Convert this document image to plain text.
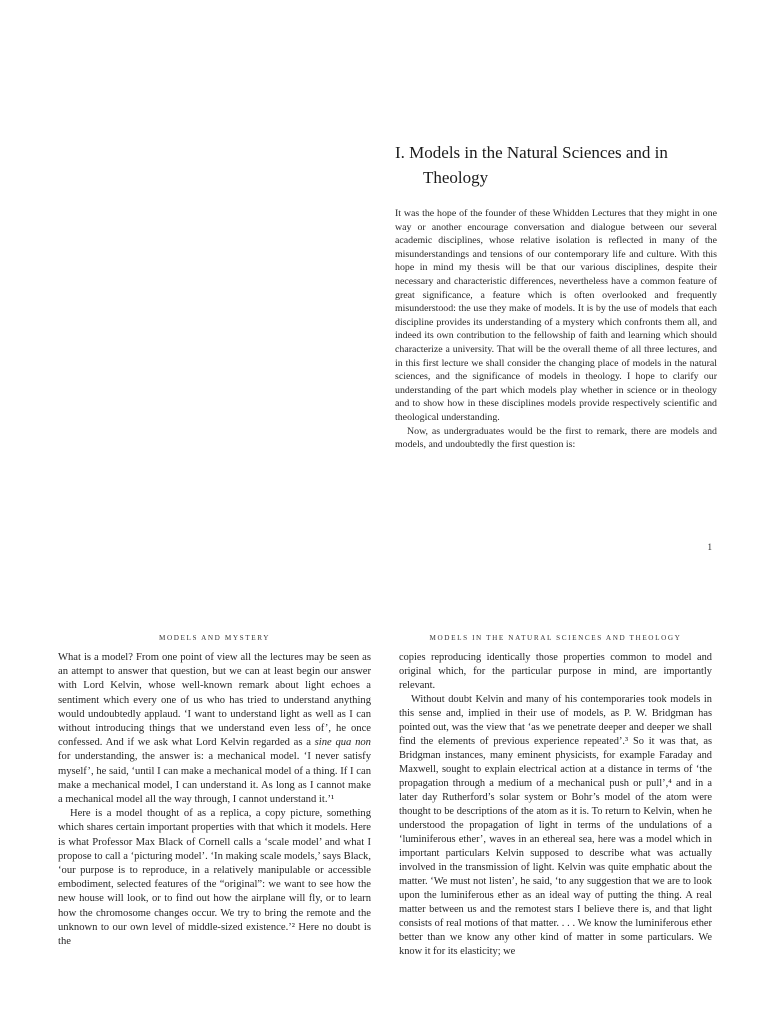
I. Models in the Natural Sciences and in Theology

It was the hope of the founder of these Whidden Lectures that they might in one way or another encourage conversation and dialogue between our several academic disciplines, whose relative isolation is reflected in many of the misunderstandings and tensions of our contemporary life and culture. With this hope in mind my thesis will be that our various disciplines, despite their necessary and characteristic differences, nevertheless have a common feature of great significance, a feature which is often overlooked and frequently misunderstood: the use they make of models. It is by the use of models that each discipline provides its understanding of a mystery which confronts them all, and indeed its own contribution to the fellowship of faith and learning which should characterize a university. That will be the overall theme of all three lectures, and in this first lecture we shall consider the changing place of models in the natural sciences, and the significance of models in theology. I hope to clarify our understanding of the part which models play whether in science or in theology and to show how in these disciplines models provide respectively scientific and theological understanding.

Now, as undergraduates would be the first to remark, there are models and models, and undoubtedly the first question is:

1
MODELS AND MYSTERY

What is a model? From one point of view all the lectures may be seen as an attempt to answer that question, but we can at least begin our answer with Lord Kelvin, whose well-known remark about light echoes a sentiment which every one of us who has tried to understand anything would undoubtedly applaud. ‘I want to understand light as well as I can without introducing things that we understand even less of’, he once confessed. And if we ask what Lord Kelvin regarded as a sine qua non for understanding, the answer is: a mechanical model. ‘I never satisfy myself’, he said, ‘until I can make a mechanical model of a thing. If I can make a mechanical model, I can understand it. As long as I cannot make a mechanical model all the way through, I cannot understand it.’¹

Here is a model thought of as a replica, a copy picture, something which shares certain important properties with that which it models. Here is what Professor Max Black of Cornell calls a ‘scale model’ and what I propose to call a ‘picturing model’. ‘In making scale models,’ says Black, ‘our purpose is to reproduce, in a relatively manipulable or accessible embodiment, selected features of the “original”: we want to see how the new house will look, or to find out how the airplane will fly, or to learn how the chromosome changes occur. We try to bring the remote and the unknown to our own level of middle-sized existence.’² Here no doubt is the

MODELS IN THE NATURAL SCIENCES AND THEOLOGY

copies reproducing identically those properties common to model and original which, for the particular purpose in mind, are importantly relevant.

Without doubt Kelvin and many of his contemporaries took models in this sense and, implied in their use of models, as P. W. Bridgman has pointed out, was the view that ‘as we penetrate deeper and deeper we shall find the elements of previous experience repeated’.³ So it was that, as Bridgman instances, many eminent physicists, for example Faraday and Maxwell, sought to explain electrical action at a distance in terms of ‘the propagation through a medium of a mechanical push or pull’,⁴ and in a later day Rutherford’s solar system or Bohr’s model of the atom were thought to be descriptions of the atom as it is. To return to Kelvin, when he understood the propagation of light in terms of the undulations of a ‘luminiferous ether’, waves in an ethereal sea, here was a model which in important particulars Kelvin supposed to describe what was actually involved in the transmission of light. Kelvin was quite emphatic about the matter. ‘We must not listen’, he said, ‘to any suggestion that we are to look upon the luminiferous ether as an ideal way of putting the thing. A real matter between us and the remotest stars I believe there is, and that light consists of real motions of that matter. . . . We know the luminiferous ether better than we know any other kind of matter in some particulars. We know it for its elasticity; we
